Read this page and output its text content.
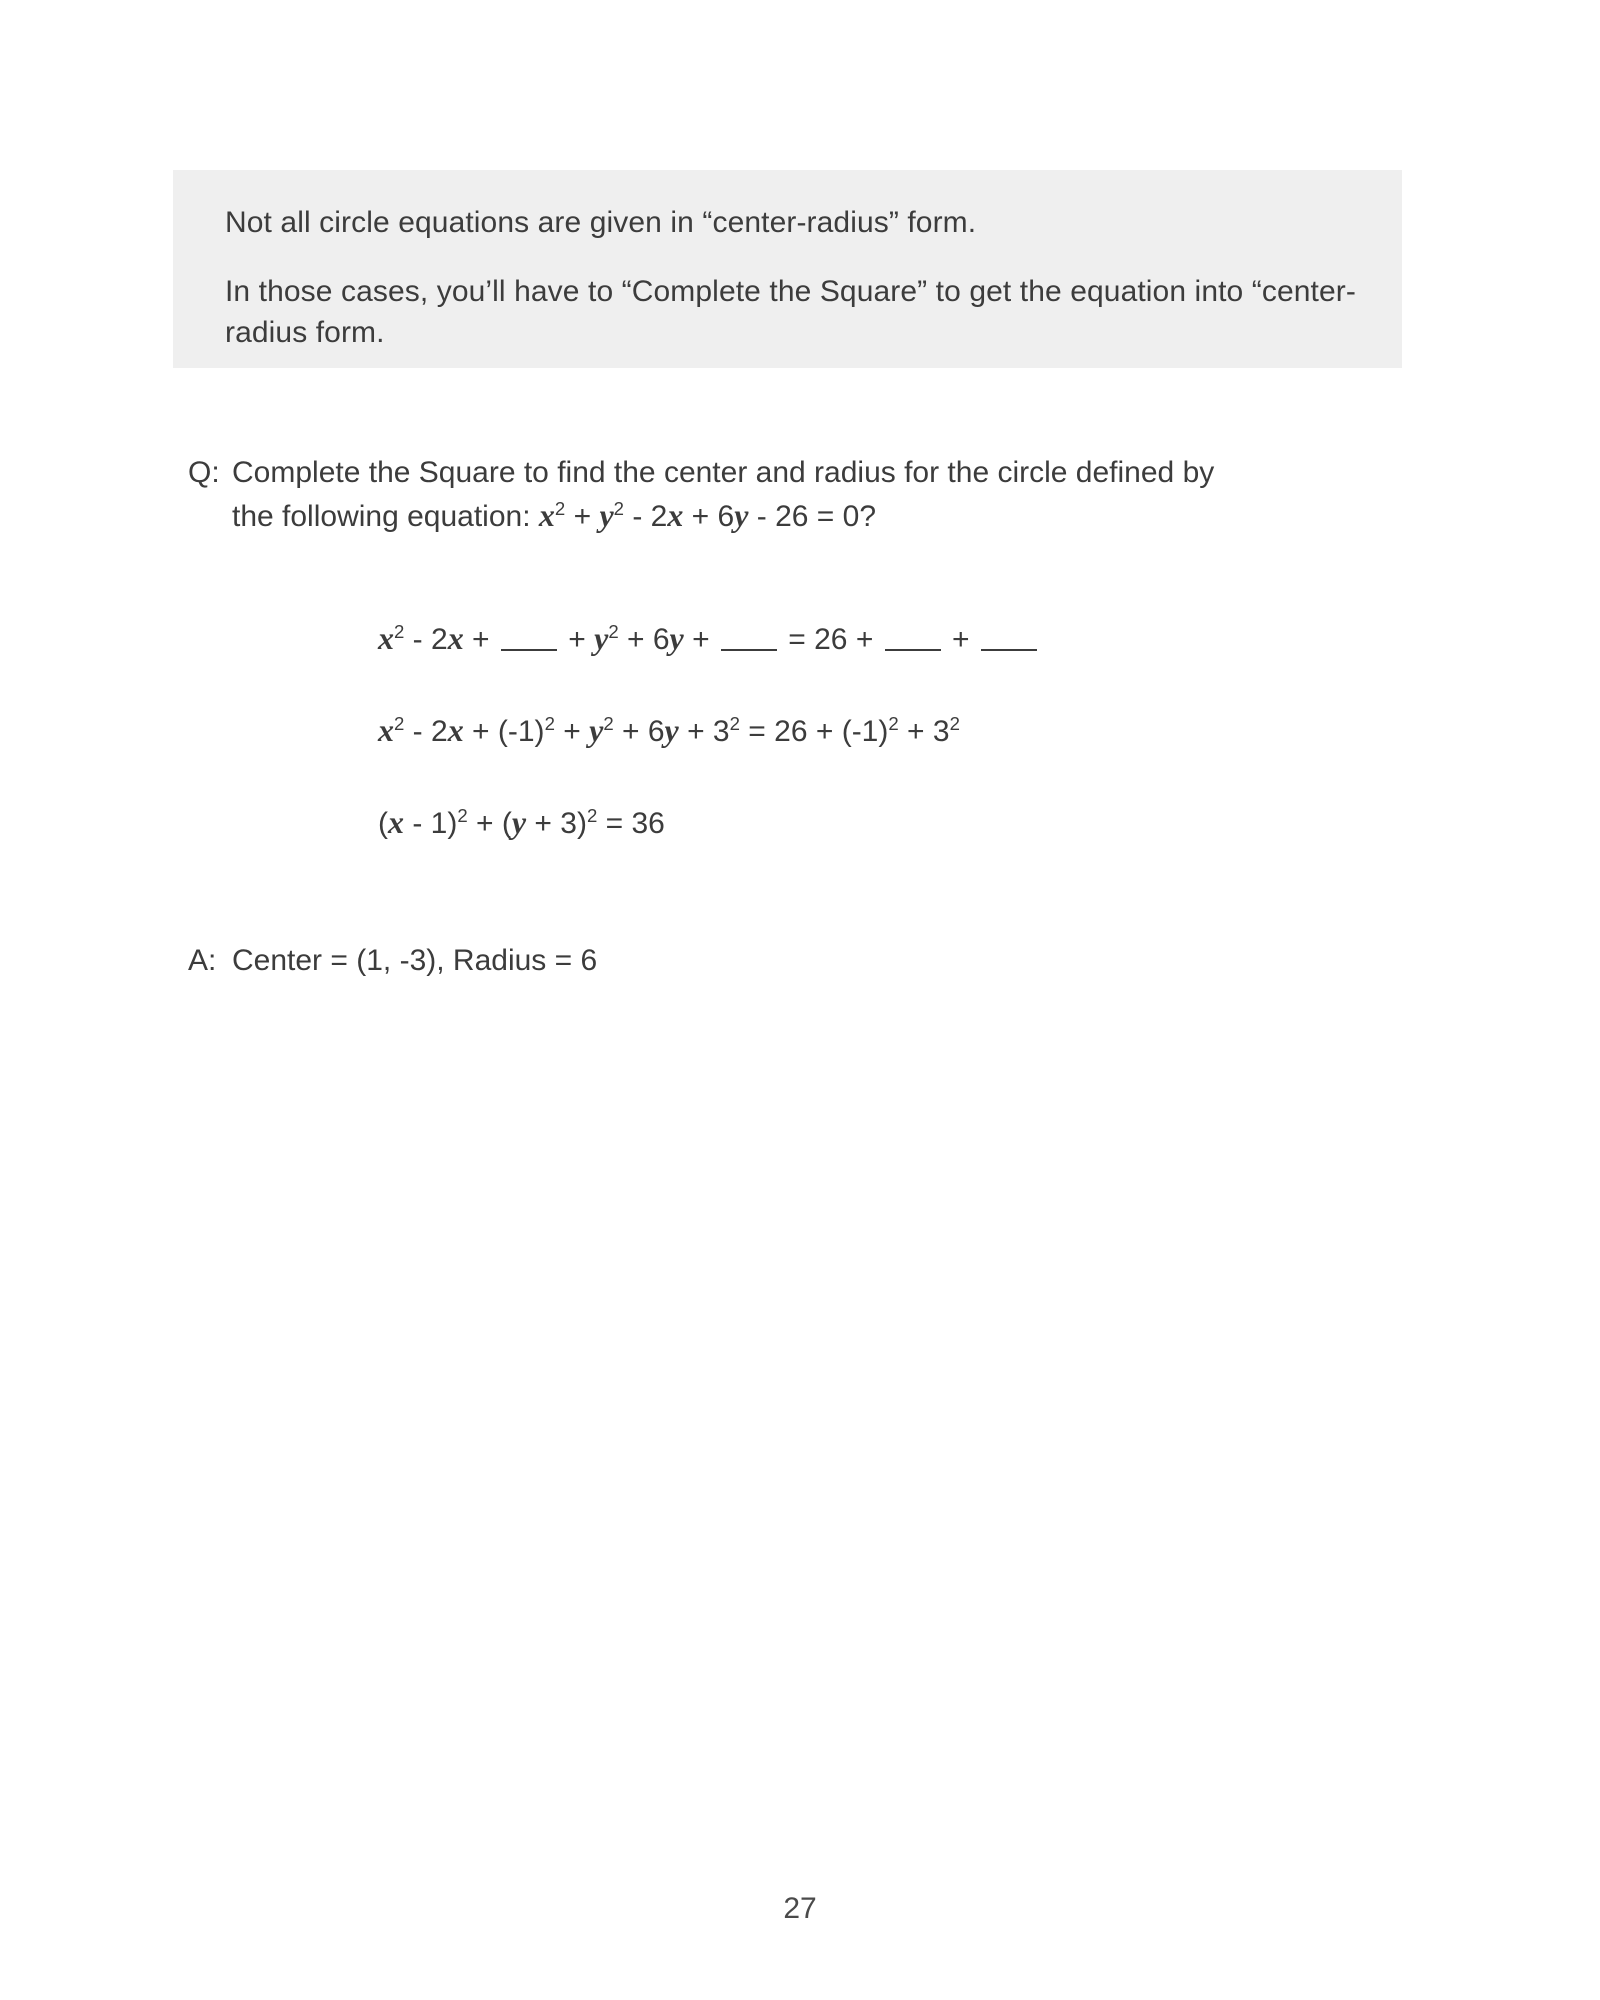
Not all circle equations are given in “center-radius” form.
In those cases, you’ll have to “Complete the Square” to get the equation into “center-radius form.
Q: Complete the Square to find the center and radius for the circle defined by the following equation: $x^2 + y^2 - 2x + 6y - 26 = 0$?
$x^2 - 2x$ +  + $y^2 + 6y$ +  = 26 +  +
$x^2 - 2x + (-1)^2 + y^2 + 6y + 3^2 = 26 + (-1)^2 + 3^2$
$(x - 1)^2 + (y + 3)^2 = 36$
A: Center = (1, -3), Radius = 6
27
